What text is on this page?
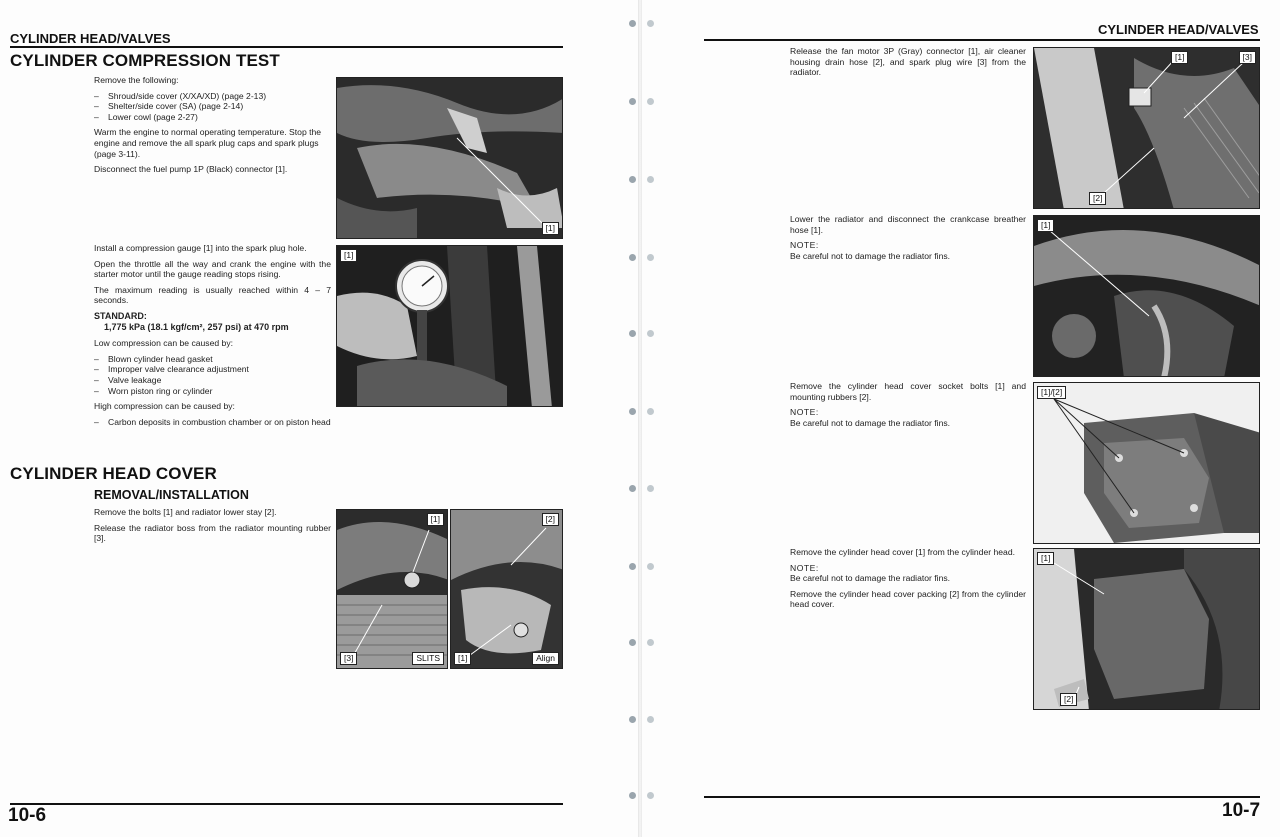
CYLINDER HEAD/VALVES
CYLINDER COMPRESSION TEST

Remove the following:

– Shroud/side cover (X/XA/XD) (page 2-13)
– Shelter/side cover (SA) (page 2-14)
– Lower cowl (page 2-27)

Warm the engine to normal operating temperature. Stop the engine and remove the all spark plug caps and spark plugs (page 3-11).

Disconnect the fuel pump 1P (Black) connector [1].

[1]

Install a compression gauge [1] into the spark plug hole.

Open the throttle all the way and crank the engine with the starter motor until the gauge reading stops rising.

The maximum reading is usually reached within 4 – 7 seconds.

STANDARD:
1,775 kPa (18.1 kgf/cm², 257 psi) at 470 rpm

Low compression can be caused by:

– Blown cylinder head gasket
– Improper valve clearance adjustment
– Valve leakage
– Worn piston ring or cylinder

High compression can be caused by:

– Carbon deposits in combustion chamber or on piston head
[1]
CYLINDER HEAD COVER
REMOVAL/INSTALLATION

Remove the bolts [1] and radiator lower stay [2].

Release the radiator boss from the radiator mounting rubber [3].

[1]
[3]	SLITS
[2]
[1]	Align
10-6
CYLINDER HEAD/VALVES

Release the fan motor 3P (Gray) connector [1], air cleaner housing drain hose [2], and spark plug wire [3] from the radiator.

[1]	[3]
[2]

Lower the radiator and disconnect the crankcase breather hose [1].

NOTE:

Be careful not to damage the radiator fins.

[1]

Remove the cylinder head cover socket bolts [1] and mounting rubbers [2].

NOTE:

Be careful not to damage the radiator fins.

[1]/[2]

Remove the cylinder head cover [1] from the cylinder head.

NOTE:

Be careful not to damage the radiator fins.

Remove the cylinder head cover packing [2] from the cylinder head cover.

[1]
[2]
10-7
